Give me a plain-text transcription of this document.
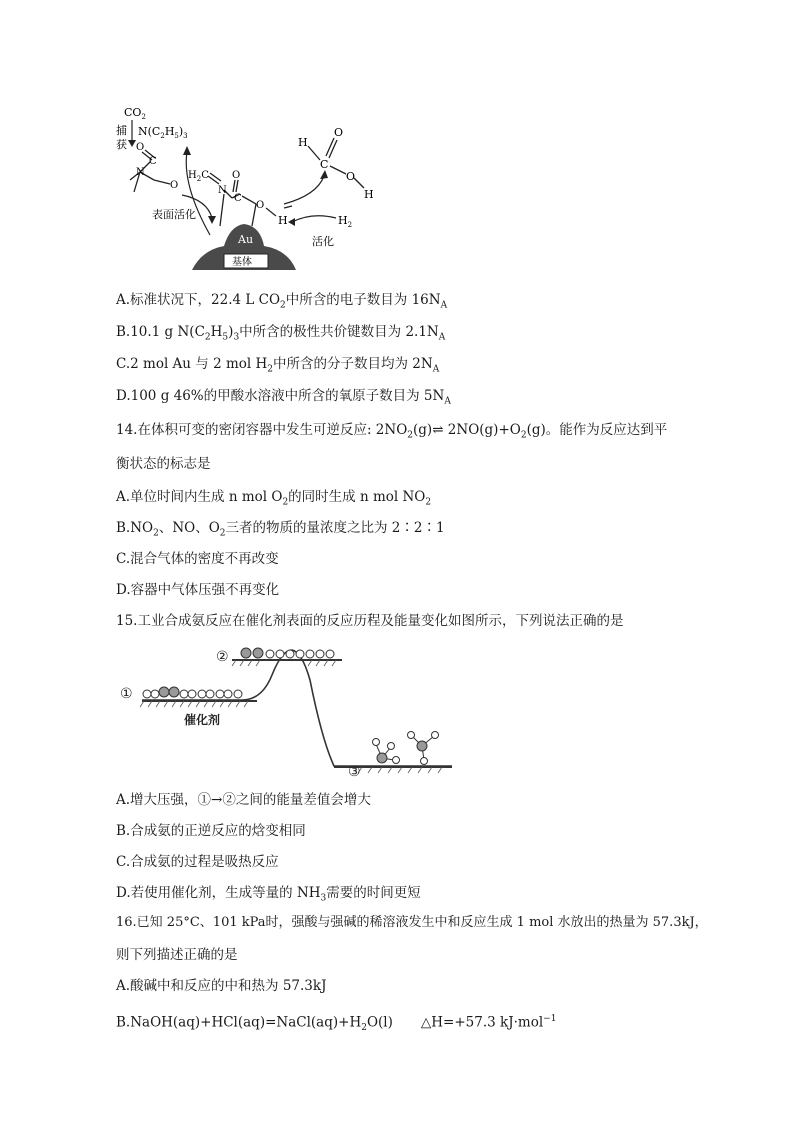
$CO_2$
捕
获
$N(C_2H_5)_3$
N
C
O
O
表面活化
$H_2C$
N
C
O
O
H
H
C
O
O
H
$H_2$
活化
Au
基体
A.标准状况下，22.4 L $CO_2$中所含的电子数目为 $16N_A$
B.10.1 g $N(C_2H_5)_3$中所含的极性共价键数目为 $2.1N_A$
C.2 mol Au 与 2 mol $H_2$中所含的分子数目均为 $2N_A$
D.100 g 46%的甲酸水溶液中所含的氧原子数目为 $5N_A$
14.在体积可变的密闭容器中发生可逆反应: $2NO_2(g)\rightleftharpoons$ $2NO(g)+O_2(g)$。能作为反应达到平
衡状态的标志是
A.单位时间内生成 n mol $O_2$的同时生成 n mol $NO_2$
$B.NO_2$、NO、$O_2$三者的物质的量浓度之比为 2∶2∶1
C.混合气体的密度不再改变
D.容器中气体压强不再变化
15.工业合成氨反应在催化剂表面的反应历程及能量变化如图所示，下列说法正确的是
①
②
③
催化剂
A.增大压强，①→②之间的能量差值会增大
B.合成氨的正逆反应的焓变相同
C.合成氨的过程是吸热反应
D.若使用催化剂，生成等量的 $NH_3$需要的时间更短
16.已知 25°C、101 kPa时，强酸与强碱的稀溶液发生中和反应生成 1 mol 水放出的热量为 57.3kJ，
则下列描述正确的是
A.酸碱中和反应的中和热为 57.3kJ
$B.NaOH(aq)+HCl(aq)=NaCl(aq)+H_2O(l)$ △H=+57.3 kJ·mol$^{-1}$
